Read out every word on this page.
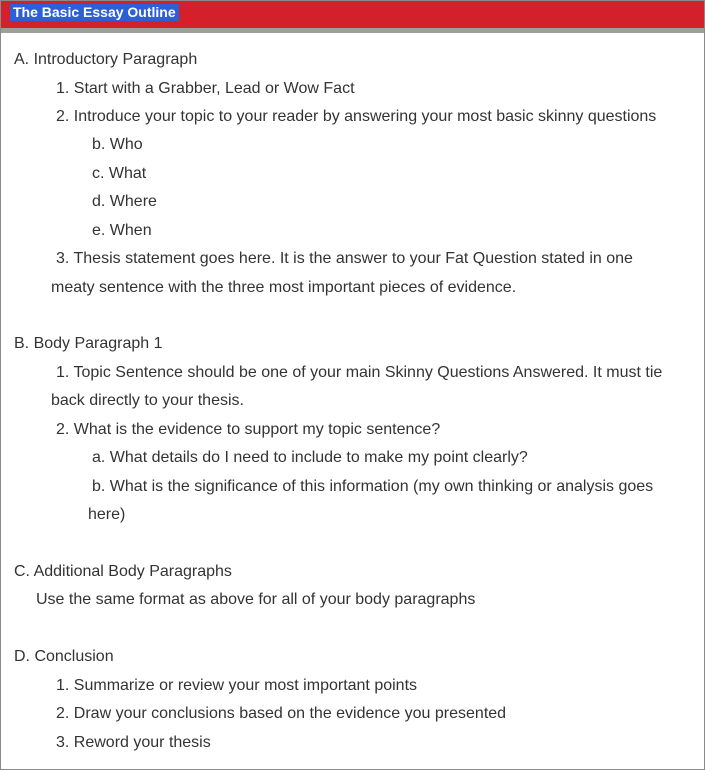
The Basic Essay Outline
A. Introductory Paragraph
1. Start with a Grabber, Lead or Wow Fact
2. Introduce your topic to your reader by answering your most basic skinny questions
b. Who
c. What
d. Where
e. When
3. Thesis statement goes here. It is the answer to your Fat Question stated in one
meaty sentence with the three most important pieces of evidence.
B. Body Paragraph 1
1. Topic Sentence should be one of your main Skinny Questions Answered. It must tie
back directly to your thesis.
2. What is the evidence to support my topic sentence?
a. What details do I need to include to make my point clearly?
b. What is the significance of this information (my own thinking or analysis goes
here)
C. Additional Body Paragraphs
Use the same format as above for all of your body paragraphs
D. Conclusion
1. Summarize or review your most important points
2. Draw your conclusions based on the evidence you presented
3. Reword your thesis
